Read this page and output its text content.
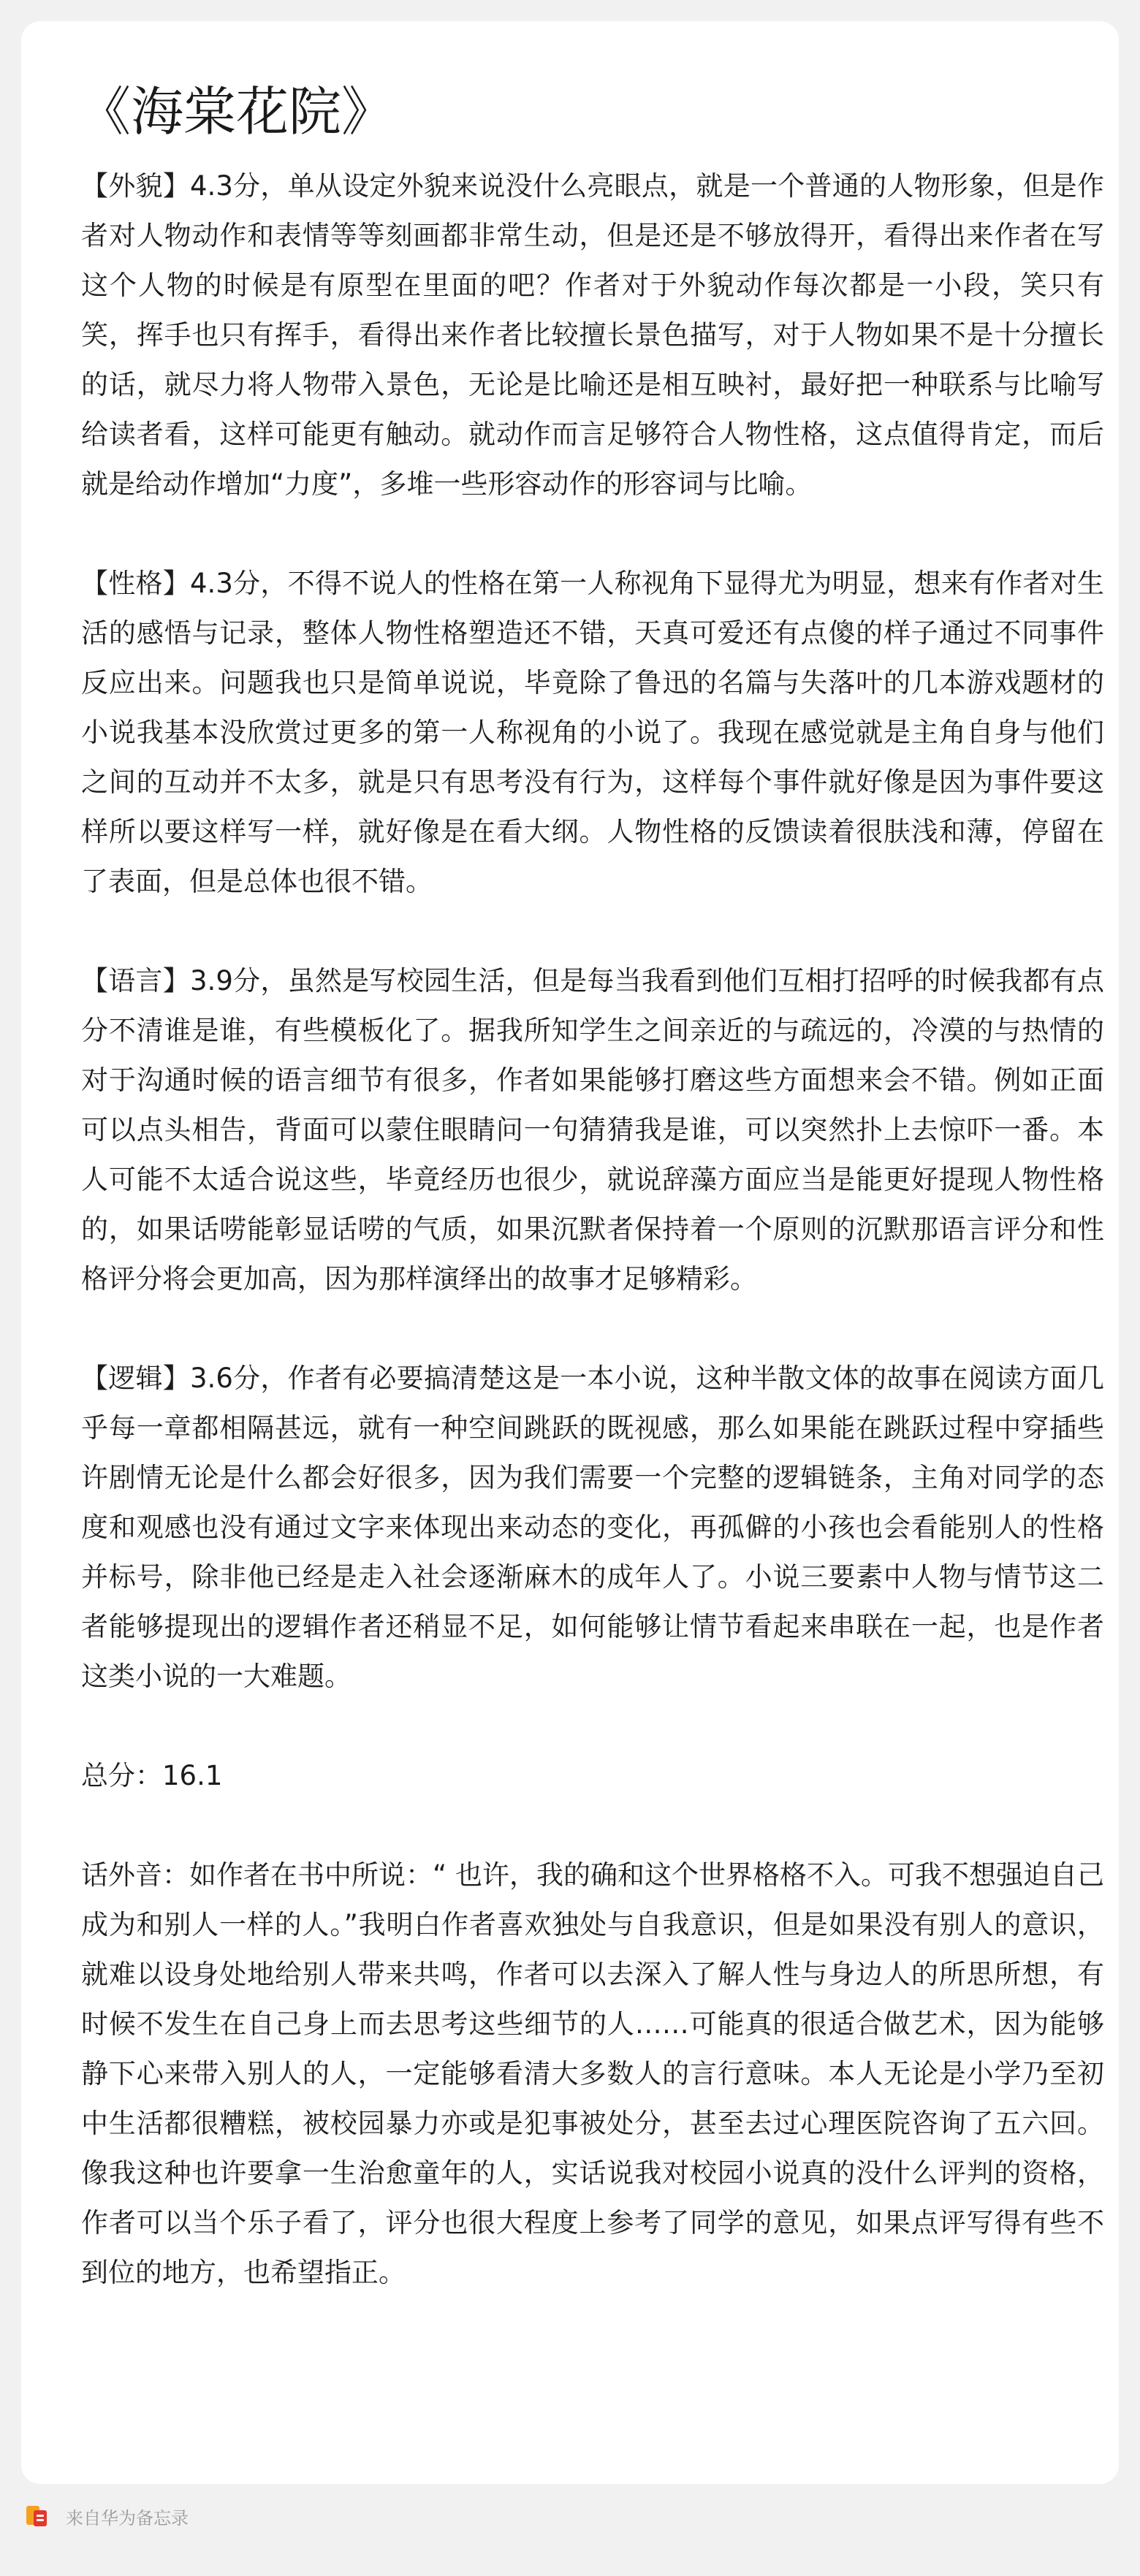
《海棠花院》

【外貌】4.3分，单从设定外貌来说没什么亮眼点，就是一个普通的人物形象，但是作者对人物动作和表情等等刻画都非常生动，但是还是不够放得开，看得出来作者在写这个人物的时候是有原型在里面的吧？作者对于外貌动作每次都是一小段，笑只有笑，挥手也只有挥手，看得出来作者比较擅长景色描写，对于人物如果不是十分擅长的话，就尽力将人物带入景色，无论是比喻还是相互映衬，最好把一种联系与比喻写给读者看，这样可能更有触动。就动作而言足够符合人物性格，这点值得肯定，而后就是给动作增加“力度”，多堆一些形容动作的形容词与比喻。

【性格】4.3分，不得不说人的性格在第一人称视角下显得尤为明显，想来有作者对生活的感悟与记录，整体人物性格塑造还不错，天真可爱还有点傻的样子通过不同事件反应出来。问题我也只是简单说说，毕竟除了鲁迅的名篇与失落叶的几本游戏题材的小说我基本没欣赏过更多的第一人称视角的小说了。我现在感觉就是主角自身与他们之间的互动并不太多，就是只有思考没有行为，这样每个事件就好像是因为事件要这样所以要这样写一样，就好像是在看大纲。人物性格的反馈读着很肤浅和薄，停留在了表面，但是总体也很不错。

【语言】3.9分，虽然是写校园生活，但是每当我看到他们互相打招呼的时候我都有点分不清谁是谁，有些模板化了。据我所知学生之间亲近的与疏远的，冷漠的与热情的对于沟通时候的语言细节有很多，作者如果能够打磨这些方面想来会不错。例如正面可以点头相告，背面可以蒙住眼睛问一句猜猜我是谁，可以突然扑上去惊吓一番。本人可能不太适合说这些，毕竟经历也很少，就说辞藻方面应当是能更好提现人物性格的，如果话唠能彰显话唠的气质，如果沉默者保持着一个原则的沉默那语言评分和性格评分将会更加高，因为那样演绎出的故事才足够精彩。

【逻辑】3.6分，作者有必要搞清楚这是一本小说，这种半散文体的故事在阅读方面几乎每一章都相隔甚远，就有一种空间跳跃的既视感，那么如果能在跳跃过程中穿插些许剧情无论是什么都会好很多，因为我们需要一个完整的逻辑链条，主角对同学的态度和观感也没有通过文字来体现出来动态的变化，再孤僻的小孩也会看能别人的性格并标号，除非他已经是走入社会逐渐麻木的成年人了。小说三要素中人物与情节这二者能够提现出的逻辑作者还稍显不足，如何能够让情节看起来串联在一起，也是作者这类小说的一大难题。

总分：16.1

话外音：如作者在书中所说：“ 也许，我的确和这个世界格格不入。可我不想强迫自己成为和别人一样的人。”我明白作者喜欢独处与自我意识，但是如果没有别人的意识，就难以设身处地给别人带来共鸣，作者可以去深入了解人性与身边人的所思所想，有时候不发生在自己身上而去思考这些细节的人……可能真的很适合做艺术，因为能够静下心来带入别人的人，一定能够看清大多数人的言行意味。本人无论是小学乃至初中生活都很糟糕，被校园暴力亦或是犯事被处分，甚至去过心理医院咨询了五六回。像我这种也许要拿一生治愈童年的人，实话说我对校园小说真的没什么评判的资格，作者可以当个乐子看了，评分也很大程度上参考了同学的意见，如果点评写得有些不到位的地方，也希望指正。

来自华为备忘录
